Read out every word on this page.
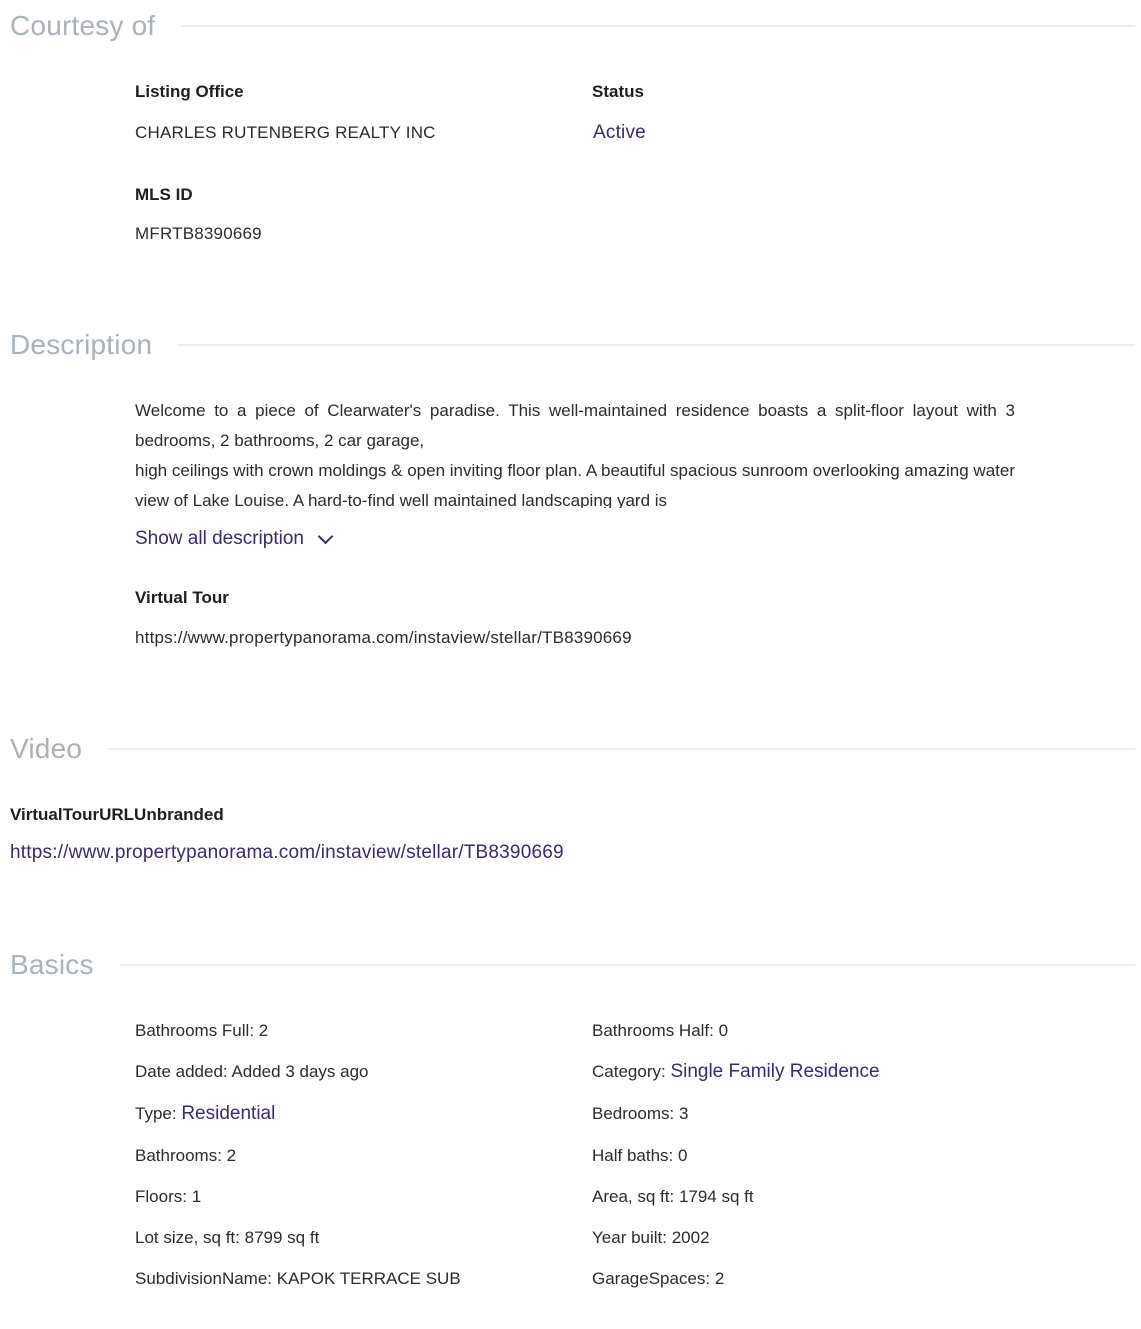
Courtesy of
Listing Office
CHARLES RUTENBERG REALTY INC
Status
Active
MLS ID
MFRTB8390669
Description

Welcome to a piece of Clearwater's paradise. This well-maintained residence boasts a split-floor layout with 3 bedrooms, 2 bathrooms, 2 car garage,

high ceilings with crown moldings & open inviting floor plan. A beautiful spacious sunroom overlooking amazing water view of Lake Louise. A hard-to-find well maintained landscaping yard is

Show all description
Virtual Tour
https://www.propertypanorama.com/instaview/stellar/TB8390669
Video
VirtualTourURLUnbranded
https://www.propertypanorama.com/instaview/stellar/TB8390669
Basics
Bathrooms Full: 2
Date added: Added 3 days ago
Type: Residential
Bathrooms: 2
Floors: 1
Lot size, sq ft: 8799 sq ft
SubdivisionName: KAPOK TERRACE SUB
Bathrooms Half: 0
Category: Single Family Residence
Bedrooms: 3
Half baths: 0
Area, sq ft: 1794 sq ft
Year built: 2002
GarageSpaces: 2
